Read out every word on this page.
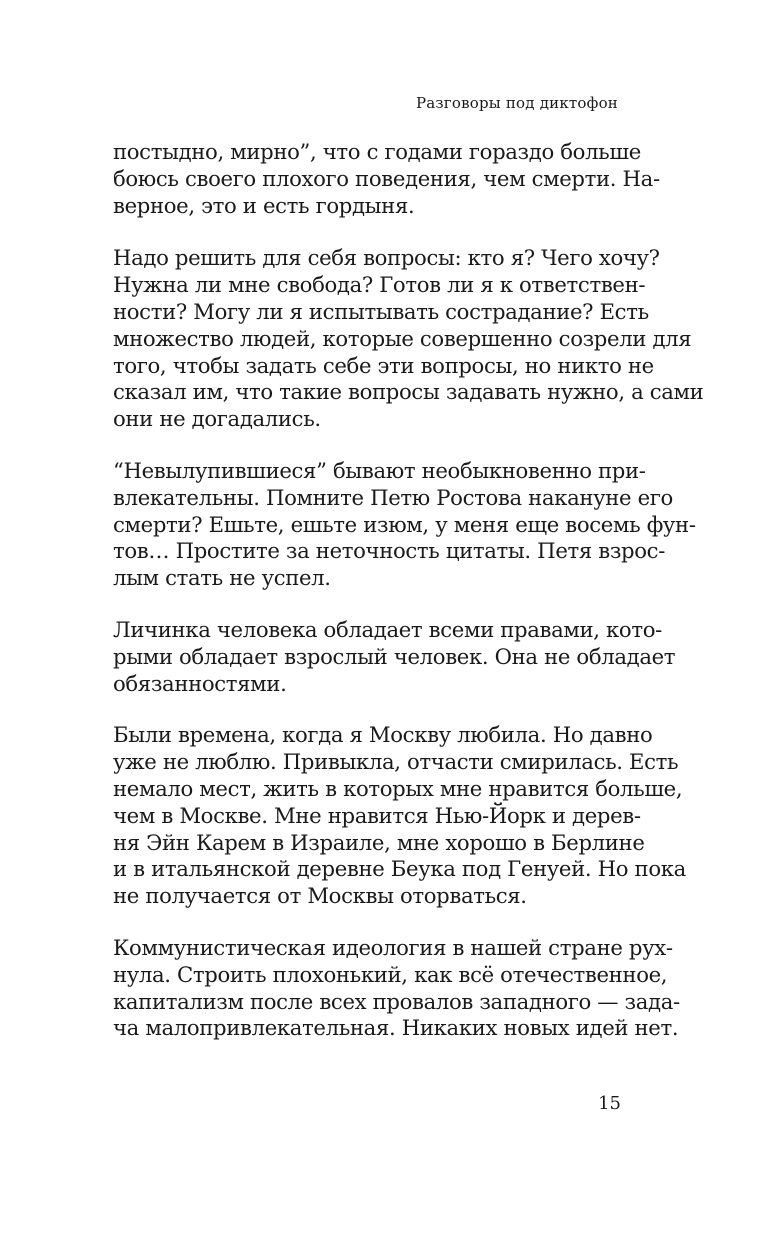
Разговоры под диктофон

постыдно, мирно”, что с годами гораздо больше
боюсь своего плохого поведения, чем смерти. На-
верное, это и есть гордыня.

Надо решить для себя вопросы: кто я? Чего хочу?
Нужна ли мне свобода? Готов ли я к ответствен-
ности? Могу ли я испытывать сострадание? Есть
множество людей, которые совершенно созрели для
того, чтобы задать себе эти вопросы, но никто не
сказал им, что такие вопросы задавать нужно, а сами
они не догадались.

“Невылупившиеся” бывают необыкновенно при-
влекательны. Помните Петю Ростова накануне его
смерти? Ешьте, ешьте изюм, у меня еще восемь фун-
тов… Простите за неточность цитаты. Петя взрос-
лым стать не успел.

Личинка человека обладает всеми правами, кото-
рыми обладает взрослый человек. Она не обладает
обязанностями.

Были времена, когда я Москву любила. Но давно
уже не люблю. Привыкла, отчасти смирилась. Есть
немало мест, жить в которых мне нравится больше,
чем в Москве. Мне нравится Нью-Йорк и дерев-
ня Эйн Карем в Израиле, мне хорошо в Берлине
и в итальянской деревне Беука под Генуей. Но пока
не получается от Москвы оторваться.

Коммунистическая идеология в нашей стране рух-
нула. Строить плохонький, как всё отечественное,
капитализм после всех провалов западного — зада-
ча малопривлекательная. Никаких новых идей нет.

15
